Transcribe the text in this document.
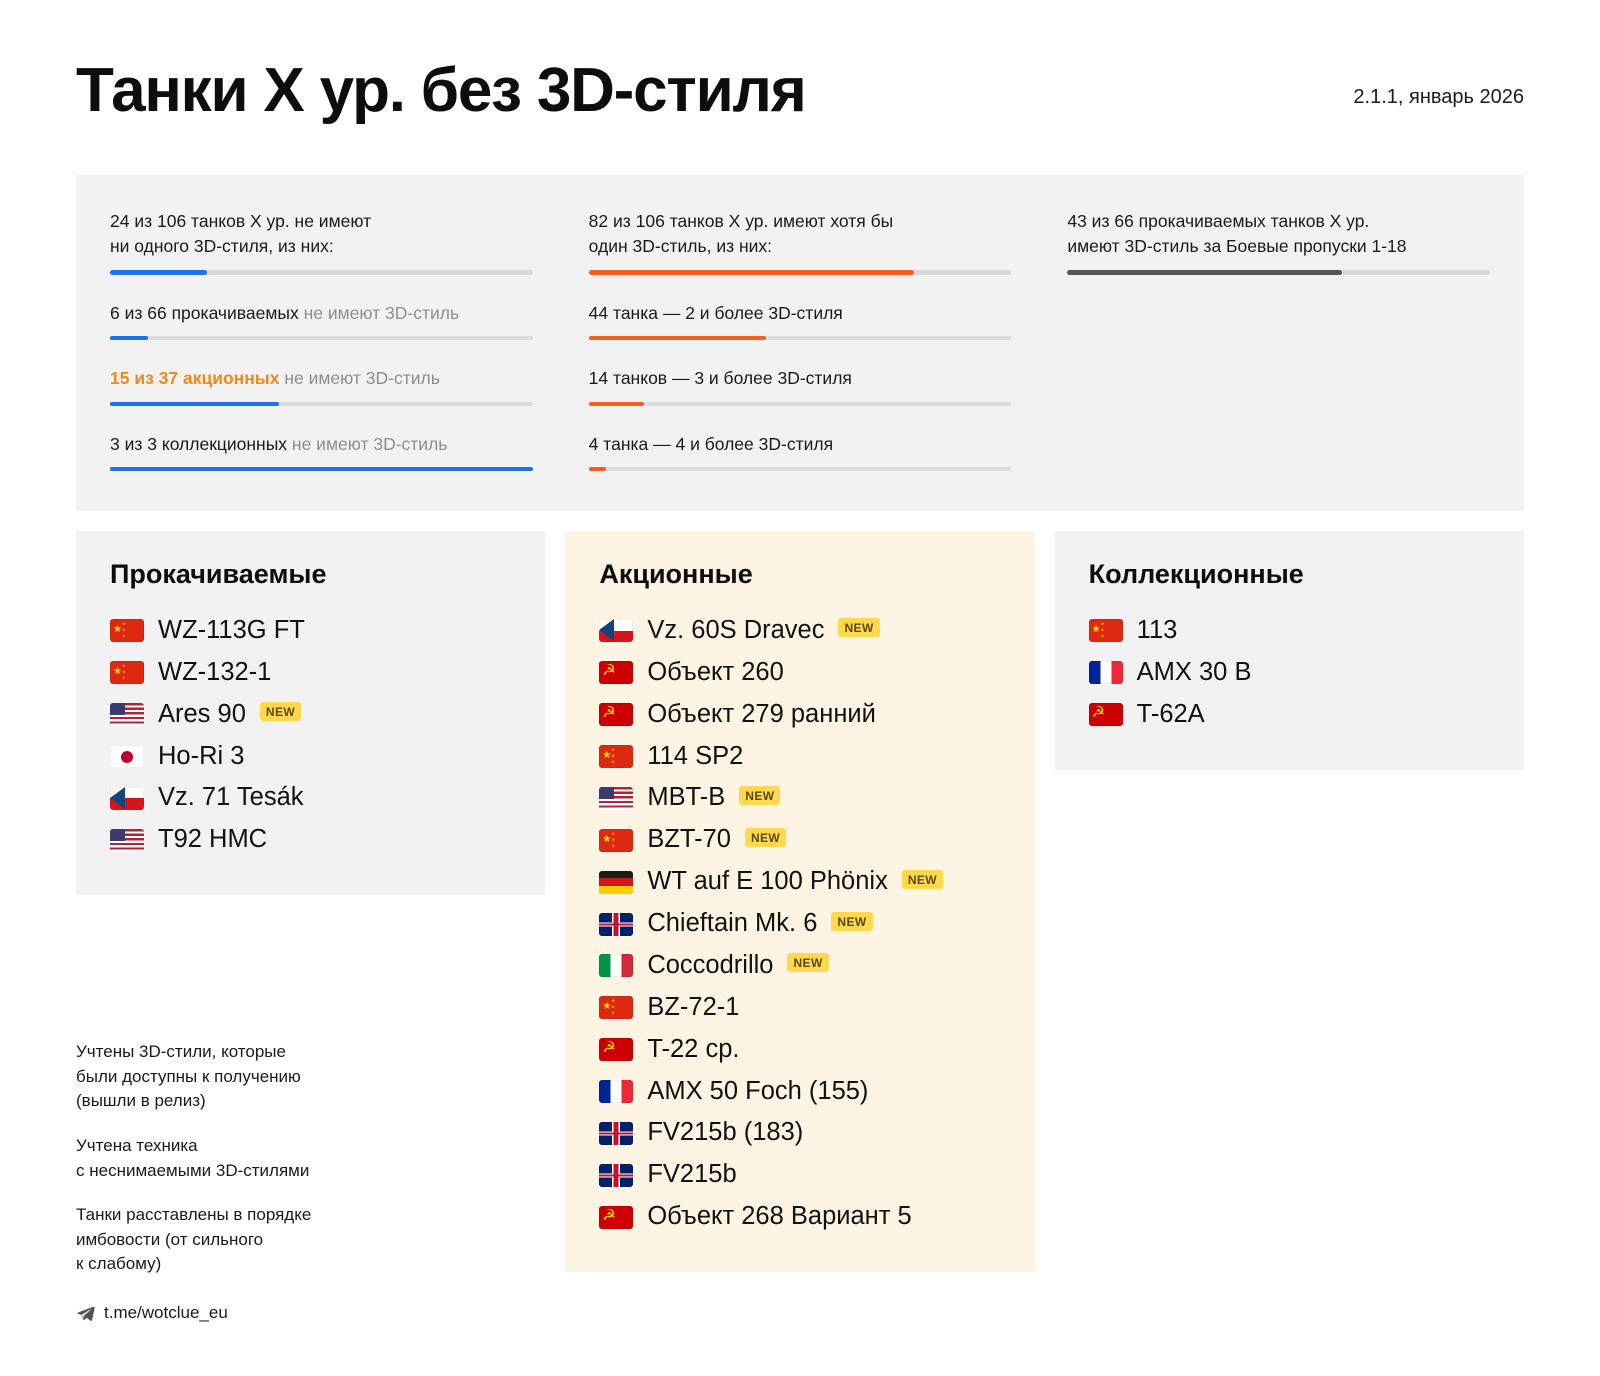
Танки X ур. без 3D-стиля	2.1.1, январь 2026
24 из 106 танков X ур. не имеют
ни одного 3D-стиля, из них:
6 из 66 прокачиваемых не имеют 3D-стиль
15 из 37 акционных не имеют 3D-стиль
3 из 3 коллекционных не имеют 3D-стиль
82 из 106 танков X ур. имеют хотя бы
один 3D-стиль, из них:
44 танка — 2 и более 3D-стиля
14 танков — 3 и более 3D-стиля
4 танка — 4 и более 3D-стиля
43 из 66 прокачиваемых танков X ур.
имеют 3D-стиль за Боевые пропуски 1-18
Прокачиваемые
★ ★★★
WZ-113G FT
★ ★★★
WZ-132-1
Ares 90	NEW
Ho-Ri 3
Vz. 71 Tesák
T92 HMC
Акционные
Vz. 60S Dravec	NEW
☭
Объект 260
☭
Объект 279 ранний
★ ★★★
114 SP2
MBT-B	NEW
★ ★★★
BZT-70	NEW
WT auf E 100 Phönix	NEW
Chieftain Mk. 6	NEW
Coccodrillo	NEW
★ ★★★
BZ-72-1
☭
T-22 ср.
AMX 50 Foch (155)
FV215b (183)
FV215b
☭
Объект 268 Вариант 5
Коллекционные
★ ★★★
113
AMX 30 B
☭
T-62A
Учтены 3D-стили, которые
были доступны к получению
(вышли в релиз)
Учтена техника
с неснимаемыми 3D-стилями
Танки расставлены в порядке
имбовости (от сильного
к слабому)
t.me/wotclue_eu
